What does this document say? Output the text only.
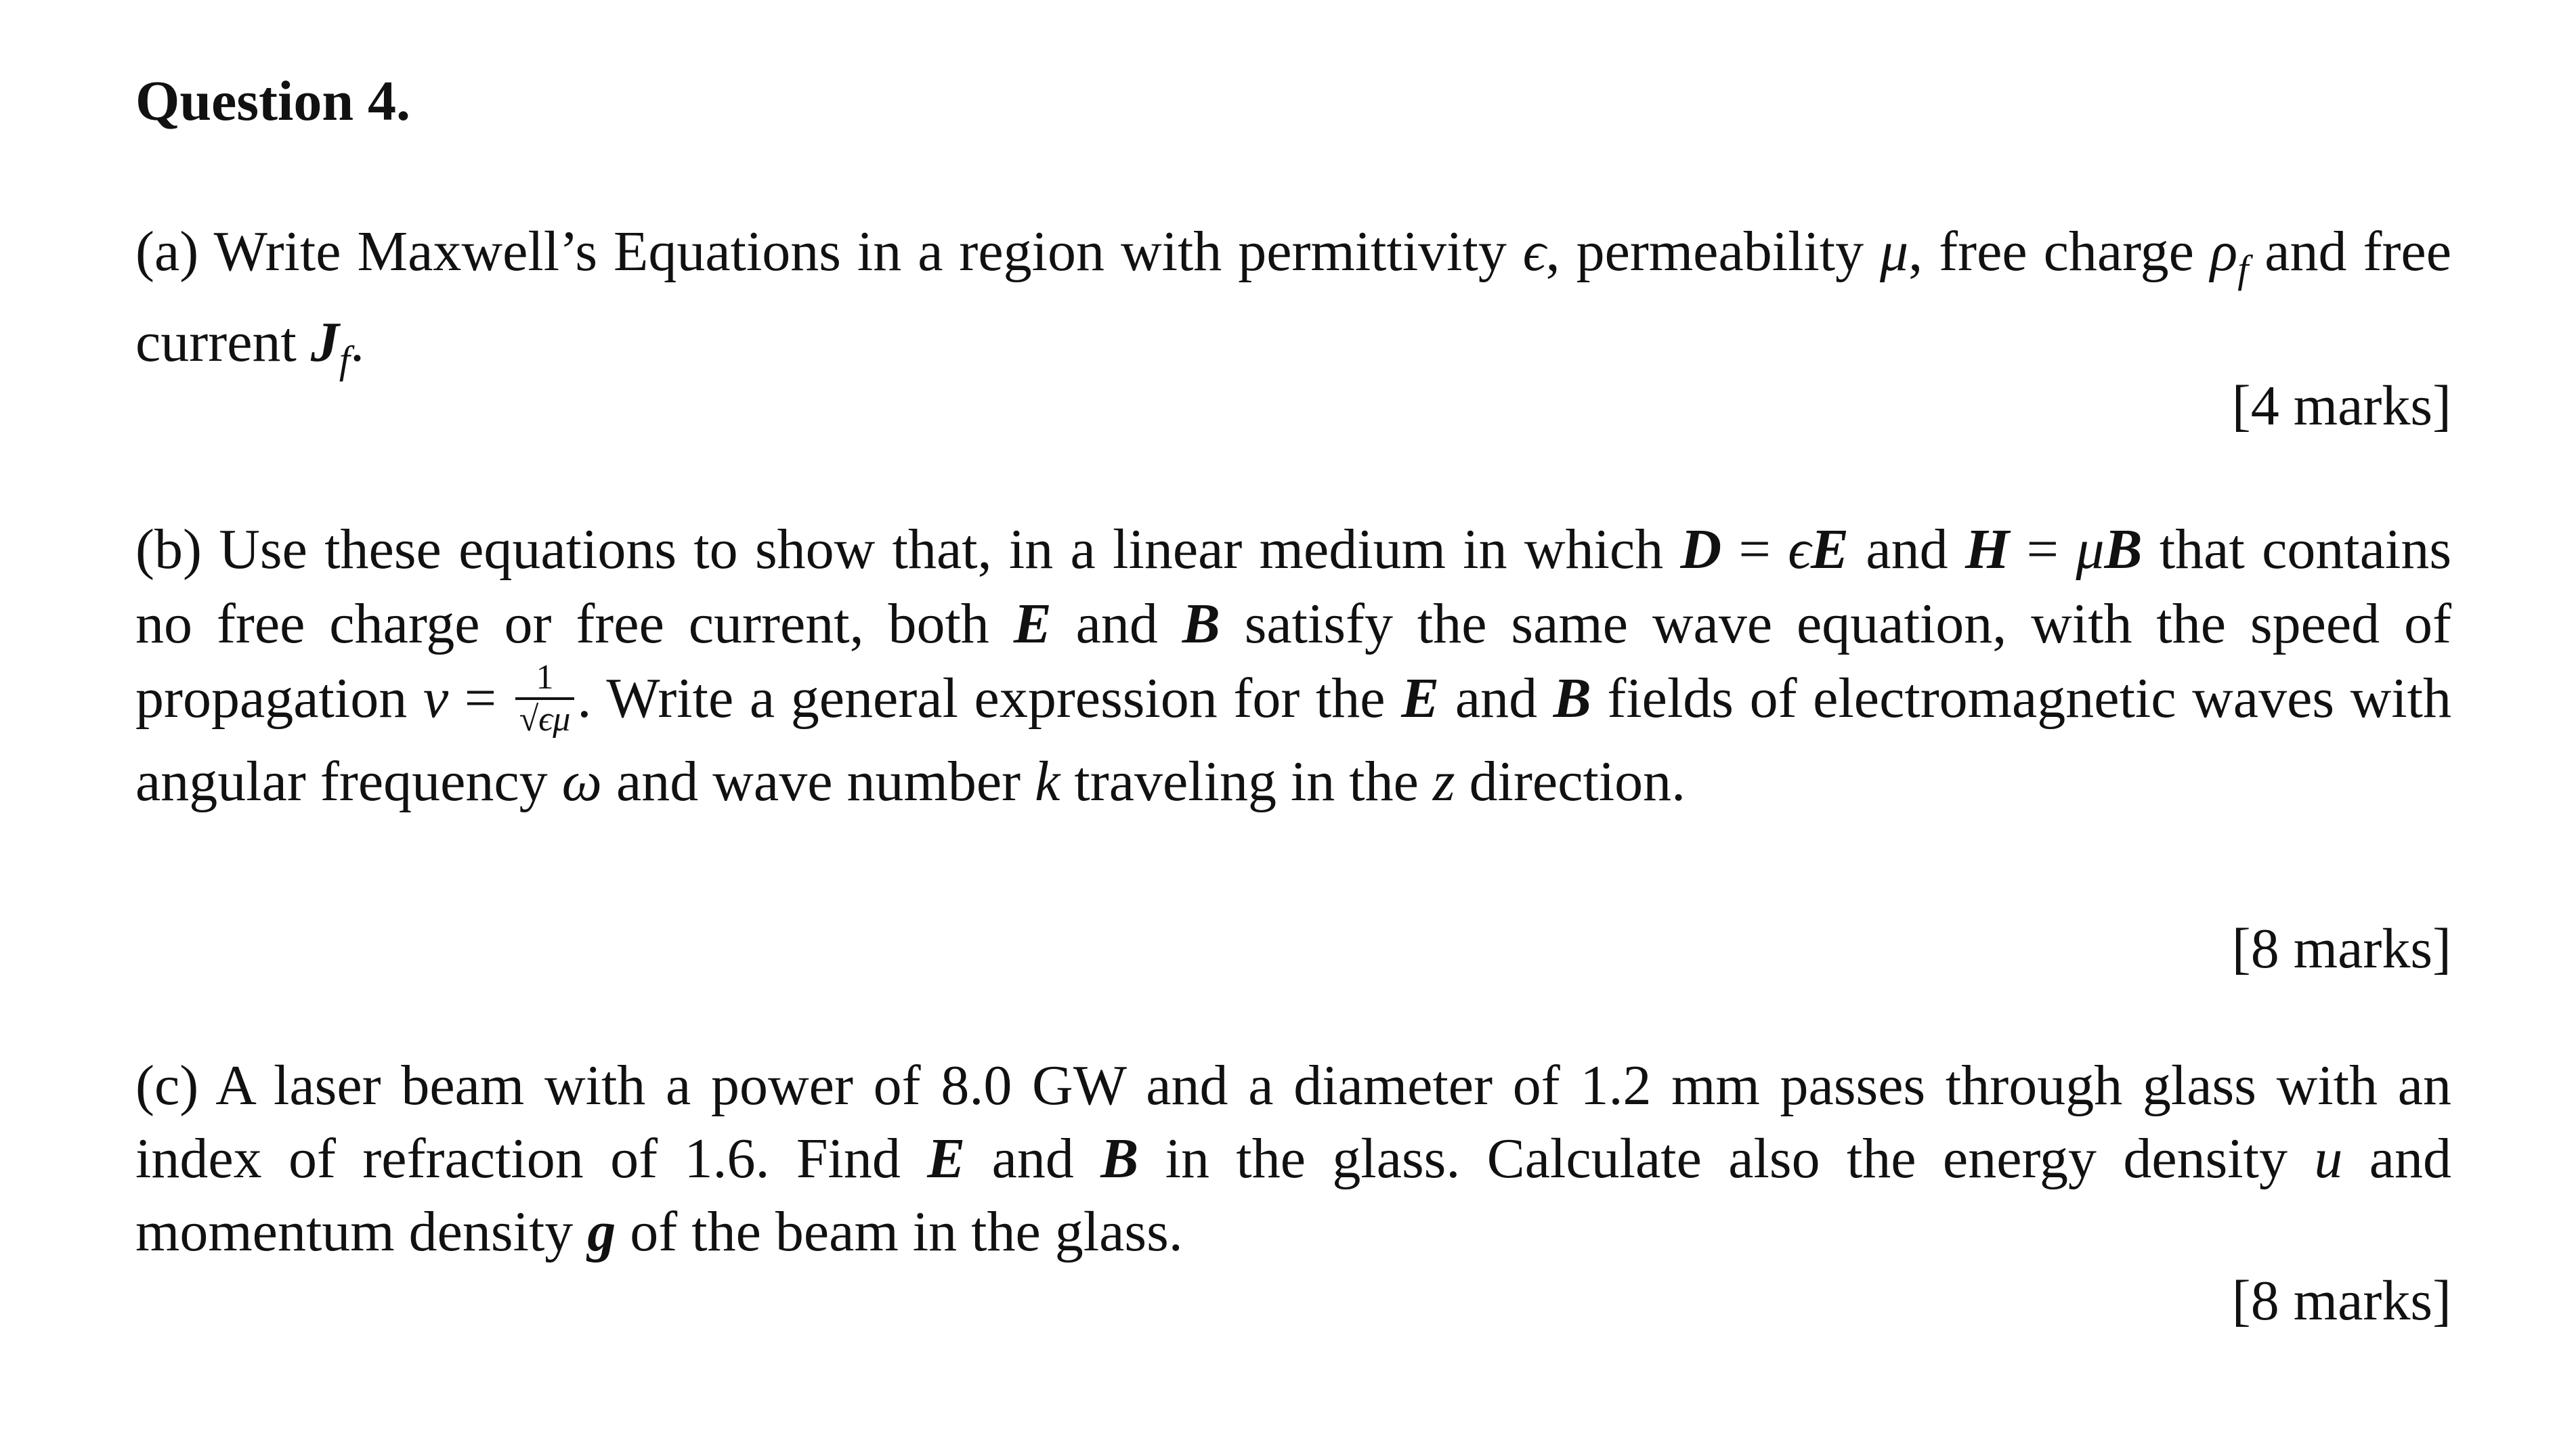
Question 4.
(a) Write Maxwell’s Equations in a region with permittivity ϵ, permeability μ, free charge $\rho_f$ and free current $J_f$.
[4 marks]
(b) Use these equations to show that, in a linear medium in which D = ϵE and H = μB that contains no free charge or free current, both E and B satisfy the same wave equation, with the speed of propagation $v = \frac{1}{√\epsilon\mu}$ . Write a general expression for the E and B fields of electromagnetic waves with angular frequency ω and wave number k traveling in the z direction.
[8 marks]
(c) A laser beam with a power of 8.0 GW and a diameter of 1.2 mm passes through glass with an index of refraction of 1.6. Find E and B in the glass. Calculate also the energy density u and momentum density g of the beam in the glass.
[8 marks]
